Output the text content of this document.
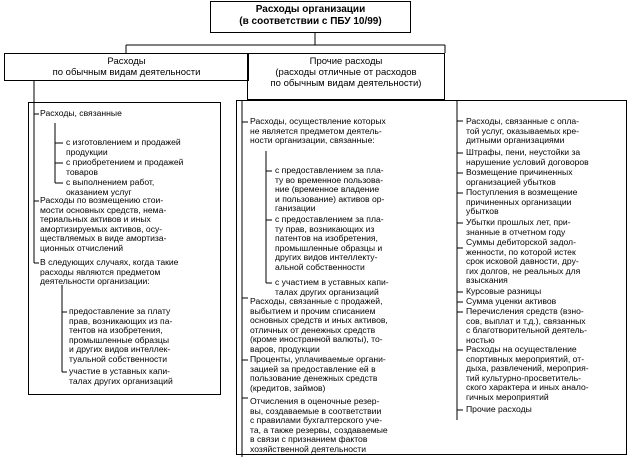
Расходы организации
(в соответствии с ПБУ 10/99)
Расходы
по обычным видам деятельности
Прочие расходы
(расходы отличные от расходов
по обычным видам деятельности)
Расходы, связанные
с изготовлением и продажей
продукции
с приобретением и продажей
товаров
с выполнением работ,
оказанием услуг
Расходы по возмещению стои-
мости основных средств, нема-
териальных активов и иных
амортизируемых активов, осу-
ществляемых в виде амортиза-
ционных отчислений
В следующих случаях, когда такие
расходы являются предметом
деятельности организации:
предоставление за плату
прав, возникающих из па-
тентов на изобретения,
промышленные образцы
и других видов интеллек-
туальной собственности
участие в уставных капи-
талах других организаций
Расходы, осуществление которых
не является предметом деятель-
ности организации, связанные:
с предоставлением за пла-
ту во временное пользова-
ние (временное владение
и пользование) активов ор-
ганизации
с предоставлением за пла-
ту прав, возникающих из
патентов на изобретения,
промышленные образцы и
других видов интеллекту-
альной собственности
с участием в уставных капи-
талах других организаций
Расходы, связанные с продажей,
выбытием и прочим списанием
основных средств и иных активов,
отличных от денежных средств
(кроме иностранной валюты), то-
варов, продукции
Проценты, уплачиваемые органи-
зацией за предоставление ей в
пользование денежных средств
(кредитов, займов)
Отчисления в оценочные резер-
вы, создаваемые в соответствии
с правилами бухгалтерского уче-
та, а также резервы, создаваемые
в связи с признанием фактов
хозяйственной деятельности
Расходы, связанные с опла-
той услуг, оказываемых кре-
дитными организациями
Штрафы, пени, неустойки за
нарушение условий договоров
Возмещение причиненных
организацией убытков
Поступления в возмещение
причиненных организации
убытков
Убытки прошлых лет, при-
знанные в отчетном году
Суммы дебиторской задол-
женности, по которой истек
срок исковой давности, дру-
гих долгов, не реальных для
взыскания
Курсовые разницы
Сумма уценки активов
Перечисления средств (взно-
сов, выплат и т.д.), связанных
с благотворительной деятель-
ностью
Расходы на осуществление
спортивных мероприятий, от-
дыха, развлечений, мероприя-
тий культурно-просветитель-
ского характера и иных анало-
гичных мероприятий
Прочие расходы
